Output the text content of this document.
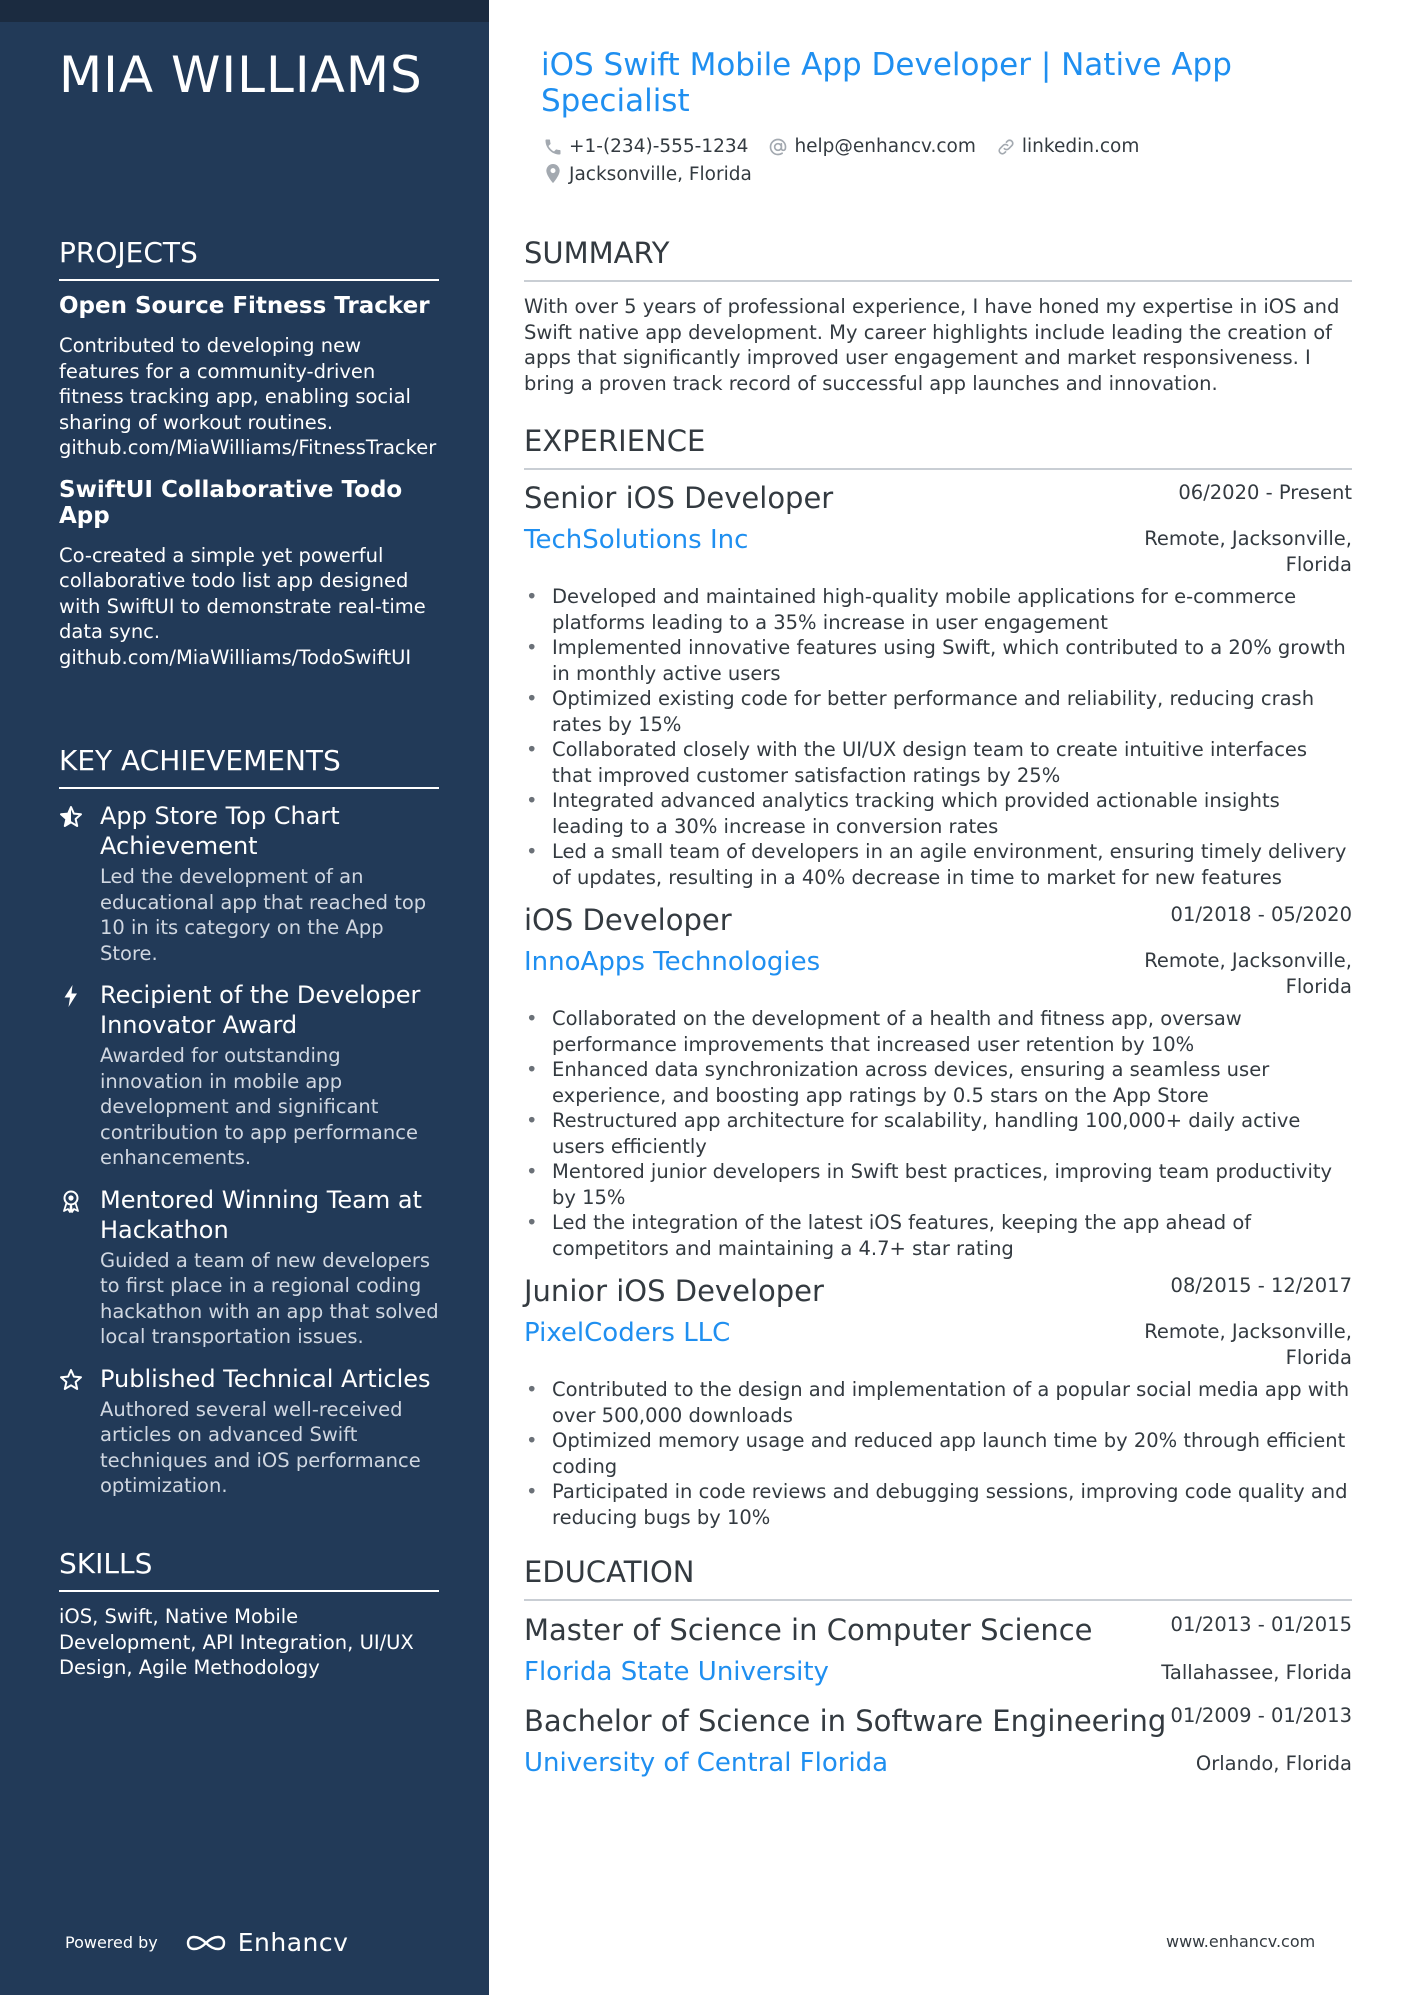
MIA WILLIAMS
PROJECTS

Open Source Fitness Tracker

Contributed to developing new features for a community-driven fitness tracking app, enabling social sharing of workout routines.

github.com/MiaWilliams/FitnessTracker

SwiftUI Collaborative Todo App

Co-created a simple yet powerful collaborative todo list app designed with SwiftUI to demonstrate real-time data sync.

github.com/MiaWilliams/TodoSwiftUI

KEY ACHIEVEMENTS

App Store Top Chart Achievement

Led the development of an educational app that reached top 10 in its category on the App Store.

Recipient of the Developer Innovator Award

Awarded for outstanding innovation in mobile app development and significant contribution to app performance enhancements.

Mentored Winning Team at Hackathon

Guided a team of new developers to first place in a regional coding hackathon with an app that solved local transportation issues.

Published Technical Articles

Authored several well-received articles on advanced Swift techniques and iOS performance optimization.

SKILLS

iOS, Swift, Native Mobile Development, API Integration, UI/UX Design, Agile Methodology

Powered by	Enhancv
iOS Swift Mobile App Developer | Native App Specialist
+1-(234)-555-1234 help@enhancv.com linkedin.com
Jacksonville, Florida
SUMMARY

With over 5 years of professional experience, I have honed my expertise in iOS and Swift native app development. My career highlights include leading the creation of apps that significantly improved user engagement and market responsiveness. I bring a proven track record of successful app launches and innovation.

EXPERIENCE
Senior iOS Developer	06/2020 - Present

TechSolutions Inc	Remote, Jacksonville, Florida
• Developed and maintained high-quality mobile applications for e-commerce platforms leading to a 35% increase in user engagement
• Implemented innovative features using Swift, which contributed to a 20% growth in monthly active users
• Optimized existing code for better performance and reliability, reducing crash rates by 15%
• Collaborated closely with the UI/UX design team to create intuitive interfaces that improved customer satisfaction ratings by 25%
• Integrated advanced analytics tracking which provided actionable insights leading to a 30% increase in conversion rates
• Led a small team of developers in an agile environment, ensuring timely delivery of updates, resulting in a 40% decrease in time to market for new features
iOS Developer	01/2018 - 05/2020

InnoApps Technologies	Remote, Jacksonville, Florida
• Collaborated on the development of a health and fitness app, oversaw performance improvements that increased user retention by 10%
• Enhanced data synchronization across devices, ensuring a seamless user experience, and boosting app ratings by 0.5 stars on the App Store
• Restructured app architecture for scalability, handling 100,000+ daily active users efficiently
• Mentored junior developers in Swift best practices, improving team productivity by 15%
• Led the integration of the latest iOS features, keeping the app ahead of competitors and maintaining a 4.7+ star rating
Junior iOS Developer	08/2015 - 12/2017

PixelCoders LLC	Remote, Jacksonville, Florida
• Contributed to the design and implementation of a popular social media app with over 500,000 downloads
• Optimized memory usage and reduced app launch time by 20% through efficient coding
• Participated in code reviews and debugging sessions, improving code quality and reducing bugs by 10%
EDUCATION
Master of Science in Computer Science	01/2013 - 01/2015

Florida State University	Tallahassee, Florida
Bachelor of Science in Software Engineering 01/2009 - 01/2013

University of Central Florida	Orlando, Florida
www.enhancv.com
